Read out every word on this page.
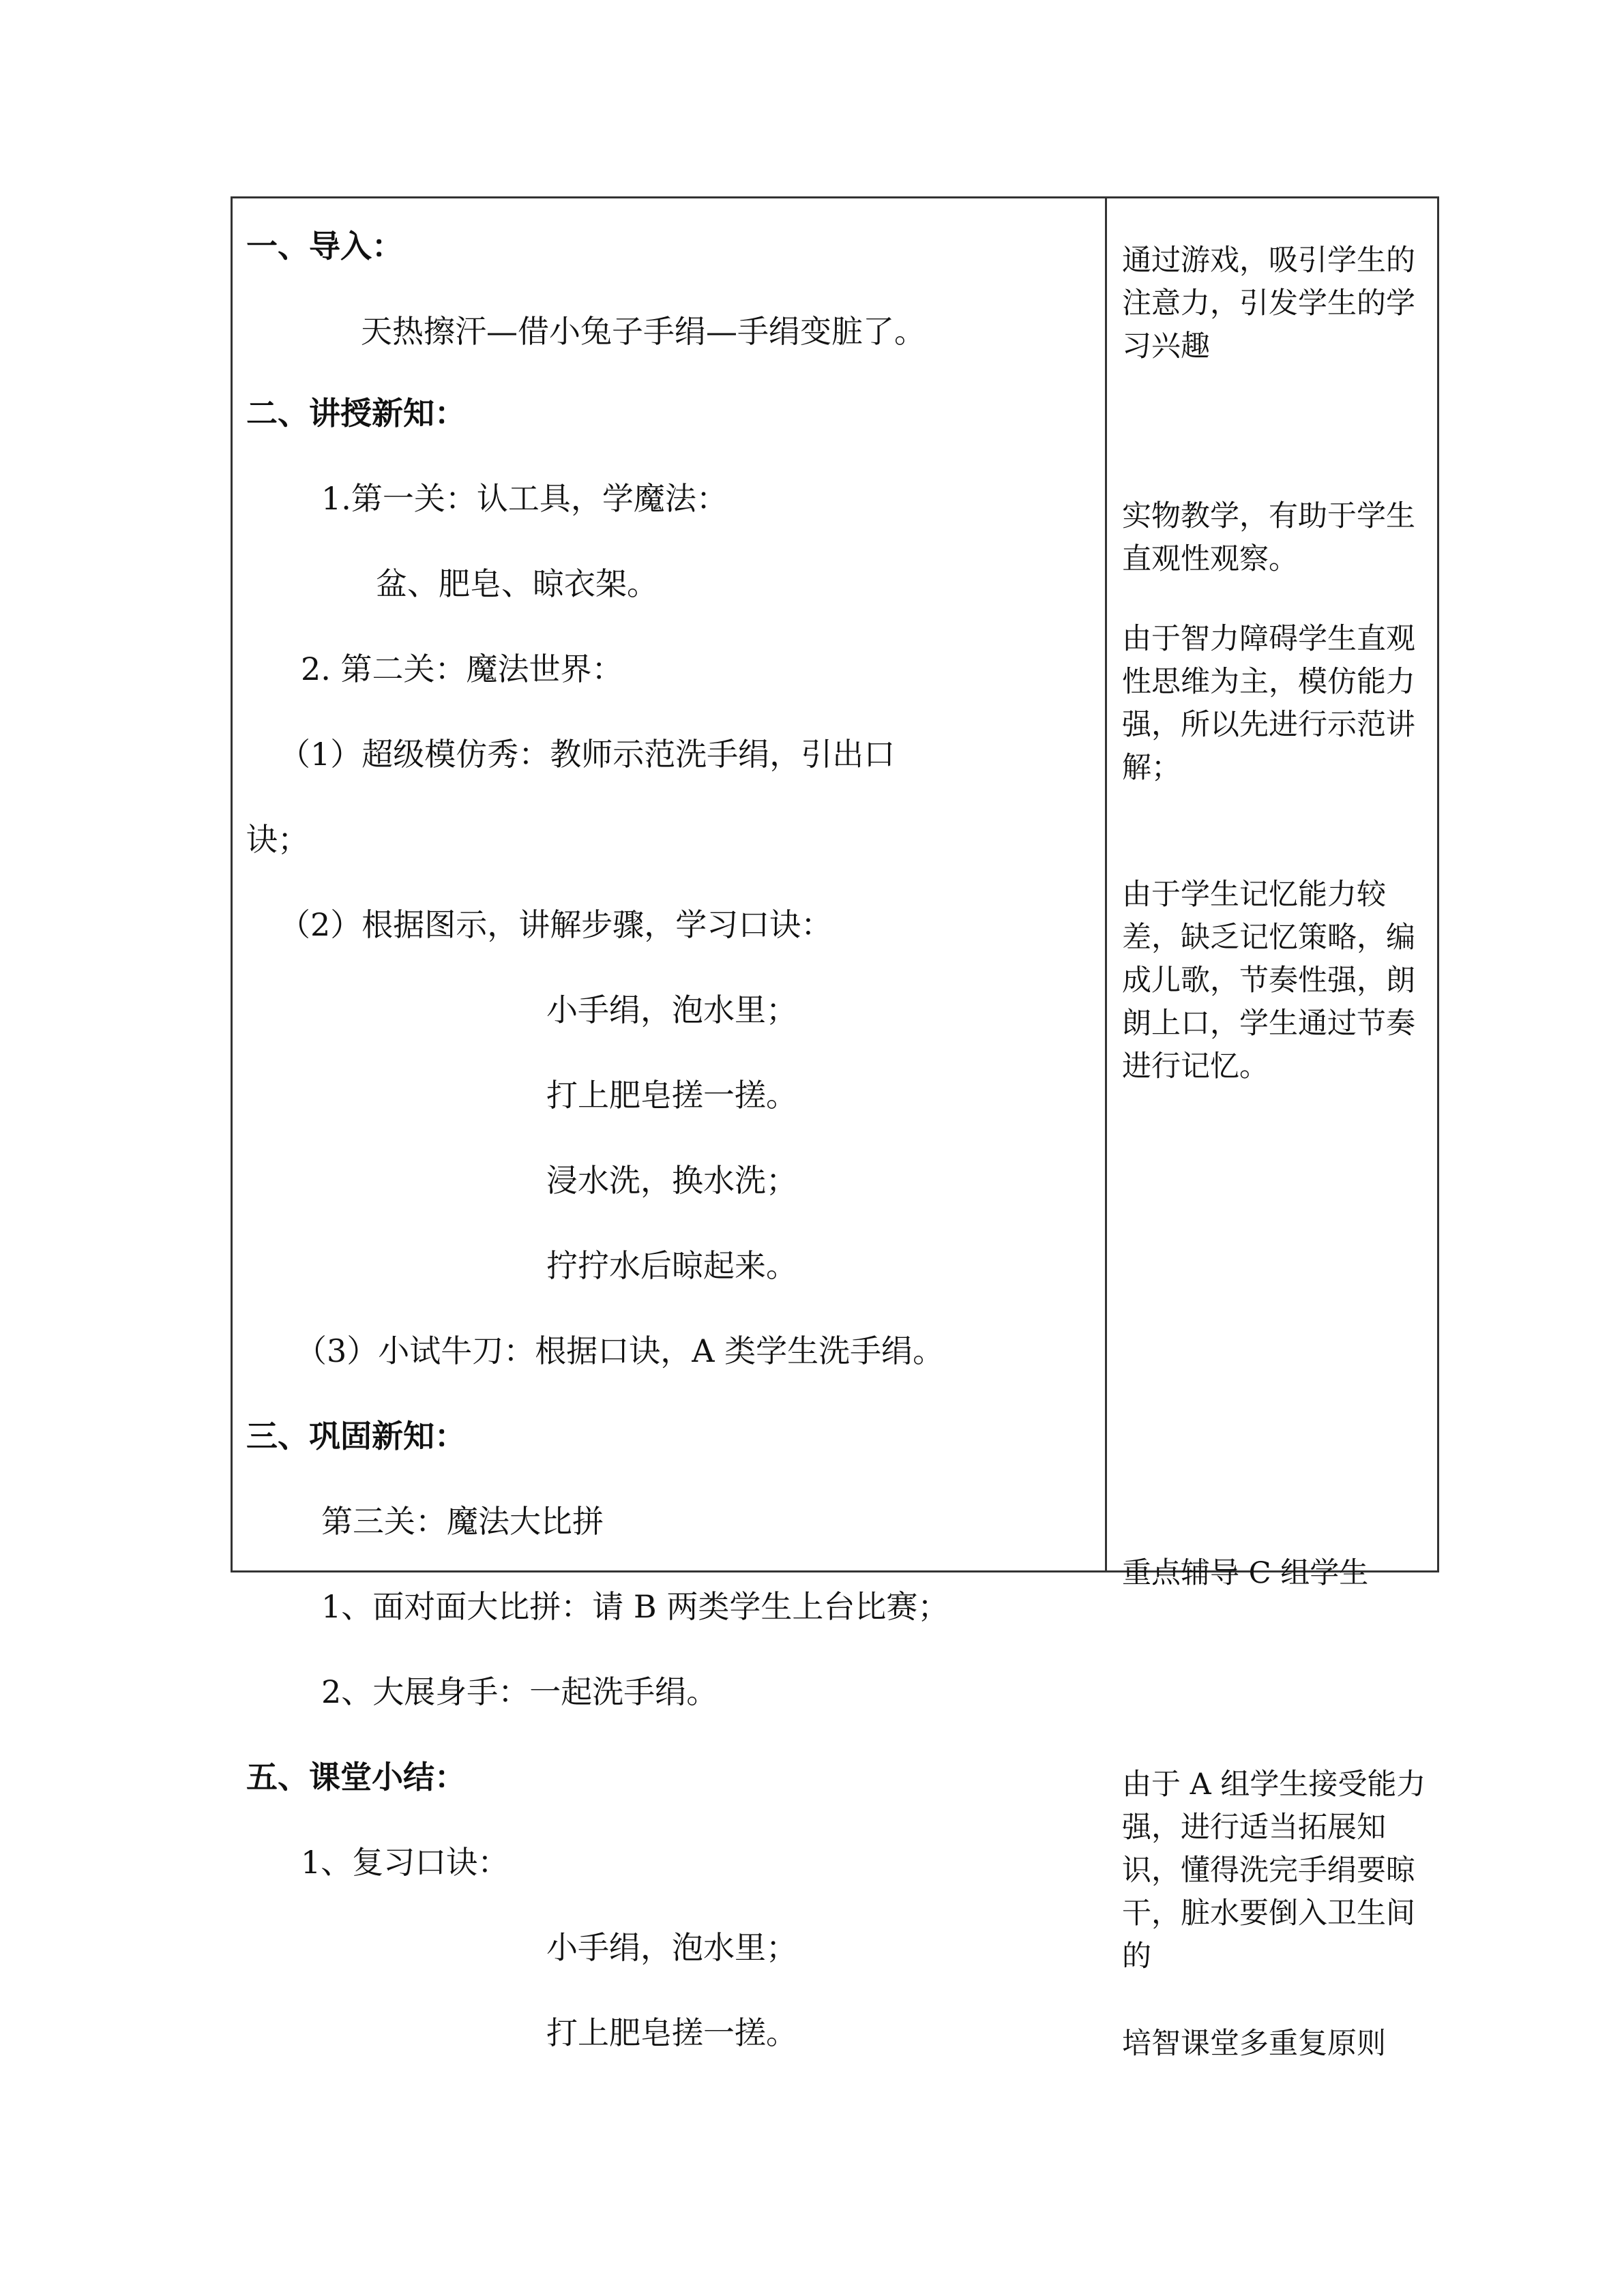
一、导入：
天热擦汗—借小兔子手绢—手绢变脏了。
二、讲授新知：
1.第一关：认工具，学魔法：
盆、肥皂、晾衣架。
2. 第二关：魔法世界：
（1）超级模仿秀：教师示范洗手绢，引出口
诀；
（2）根据图示，讲解步骤，学习口诀：
小手绢，泡水里；
打上肥皂搓一搓。
浸水洗，换水洗；
拧拧水后晾起来。
（3）小试牛刀：根据口诀，A 类学生洗手绢。
三、巩固新知：
第三关：魔法大比拼
1、面对面大比拼：请 B 两类学生上台比赛；
2、大展身手：一起洗手绢。
五、课堂小结：
1、复习口诀：
小手绢，泡水里；
打上肥皂搓一搓。
通过游戏，吸引学生的注意力，引发学生的学习兴趣
实物教学，有助于学生直观性观察。
由于智力障碍学生直观性思维为主，模仿能力强，所以先进行示范讲解；
由于学生记忆能力较差，缺乏记忆策略，编成儿歌，节奏性强，朗朗上口，学生通过节奏进行记忆。
重点辅导 C 组学生
由于 A 组学生接受能力强，进行适当拓展知识，懂得洗完手绢要晾干，脏水要倒入卫生间的
培智课堂多重复原则
